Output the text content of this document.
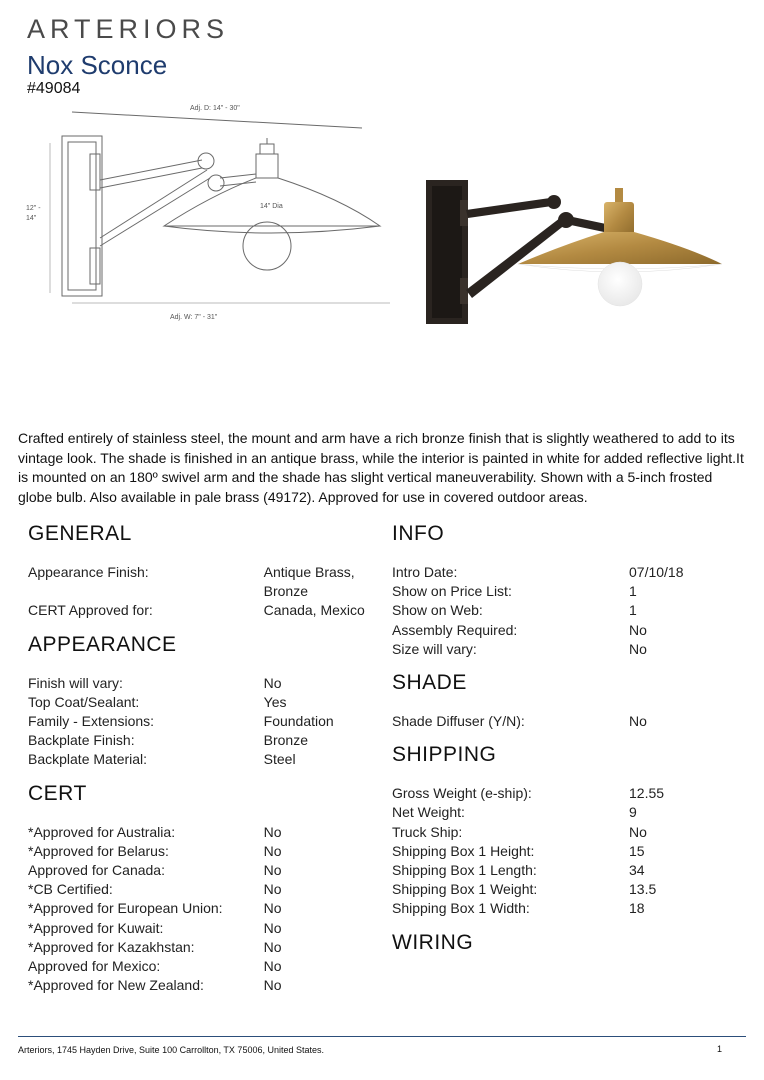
ARTERIORS
Nox Sconce
#49084
Adj. D: 14" - 30"
12" -
14"
14" Dia
Adj. W: 7" - 31"

Crafted entirely of stainless steel, the mount and arm have a rich bronze finish that is slightly weathered to add to its vintage look. The shade is finished in an antique brass, while the interior is painted in white for added reflective light.It is mounted on an 180º swivel arm and the shade has slight vertical maneuverability. Shown with a 5-inch frosted globe bulb. Also available in pale brass (49172). Approved for use in covered outdoor areas.

GENERAL
Appearance Finish:	Antique Brass,
Bronze
CERT Approved for:	Canada, Mexico
APPEARANCE
Finish will vary:	No
Top Coat/Sealant:	Yes
Family - Extensions:	Foundation
Backplate Finish:	Bronze
Backplate Material:	Steel
CERT
*Approved for Australia:	No
*Approved for Belarus:	No
Approved for Canada:	No
*CB Certified:	No
*Approved for European Union:	No
*Approved for Kuwait:	No
*Approved for Kazakhstan:	No
Approved for Mexico:	No
*Approved for New Zealand:	No
INFO
Intro Date:	07/10/18
Show on Price List:	1
Show on Web:	1
Assembly Required:	No
Size will vary:	No
SHADE
Shade Diffuser (Y/N):	No
SHIPPING
Gross Weight (e-ship):	12.55
Net Weight:	9
Truck Ship:	No
Shipping Box 1 Height:	15
Shipping Box 1 Length:	34
Shipping Box 1 Weight:	13.5
Shipping Box 1 Width:	18
WIRING
Arteriors, 1745 Hayden Drive, Suite 100 Carrollton, TX 75006, United States.	1
